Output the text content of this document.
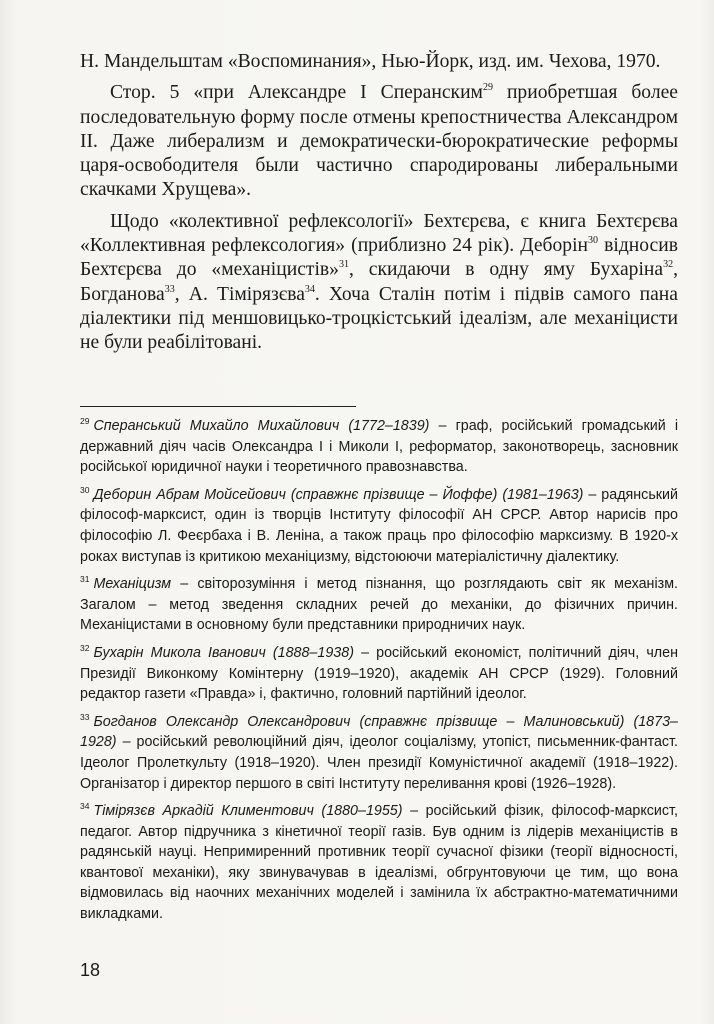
Н. Мандельштам «Воспоминания», Нью-Йорк, изд. им. Чехова, 1970.

Стор. 5 «при Александре I Сперанским$^{29}$ приобретшая более последовательную форму после отмены крепостничества Александром II. Даже либерализм и демократически-бюрократические реформы царя-освободителя были частично спародированы либеральными скачками Хрущева».

Щодо «колективної рефлексології» Бехтєрєва, є книга Бехтєрєва «Коллективная рефлексология» (приблизно 24 рік). Деборін$^{30}$ відносив Бехтєрєва до «механіцистів»$^{31}$, скидаючи в одну яму Бухаріна$^{32}$, Богданова$^{33}$, А. Тімірязєва$^{34}$. Хоча Сталін потім і підвів самого пана діалектики під меншовицько-троцкістський ідеалізм, але механіцисти не були реабілітовані.

$^{29}$ Сперанський Михайло Михайлович (1772–1839) – граф, російський громадський і державний діяч часів Олександра I і Миколи I, реформатор, законотворець, засновник російської юридичної науки і теоретичного правознавства.

$^{30}$ Деборин Абрам Мойсейович (справжнє прізвище – Йоффе) (1981–1963) – радянський філософ-марксист, один із творців Інституту філософії АН СРСР. Автор нарисів про філософію Л. Феєрбаха і В. Леніна, а також праць про філософію марксизму. В 1920-х роках виступав із критикою механіцизму, відстоюючи матеріалістичну діалектику.

$^{31}$ Механіцизм – світорозуміння і метод пізнання, що розглядають світ як механізм. Загалом – метод зведення складних речей до механіки, до фізичних причин. Механіцистами в основному були представники природничих наук.

$^{32}$ Бухарін Микола Іванович (1888–1938) – російський економіст, політичний діяч, член Президії Виконкому Комінтерну (1919–1920), академік АН СРСР (1929). Головний редактор газети «Правда» і, фактично, головний партійний ідеолог.

$^{33}$ Богданов Олександр Олександрович (справжнє прізвище – Малиновський) (1873–1928) – російський революційний діяч, ідеолог соціалізму, утопіст, письменник-фантаст. Ідеолог Пролеткульту (1918–1920). Член президії Комуністичної академії (1918–1922). Організатор і директор першого в світі Інституту переливання крові (1926–1928).

$^{34}$ Тімірязєв Аркадій Климентович (1880–1955) – російський фізик, філософ-марксист, педагог. Автор підручника з кінетичної теорії газів. Був одним із лідерів механіцистів в радянській науці. Непримиренний противник теорії сучасної фізики (теорії відносності, квантової механіки), яку звинувачував в ідеалізмі, обгрунтовуючи це тим, що вона відмовилась від наочних механічних моделей і замінила їх абстрактно-математичними викладками.

18
